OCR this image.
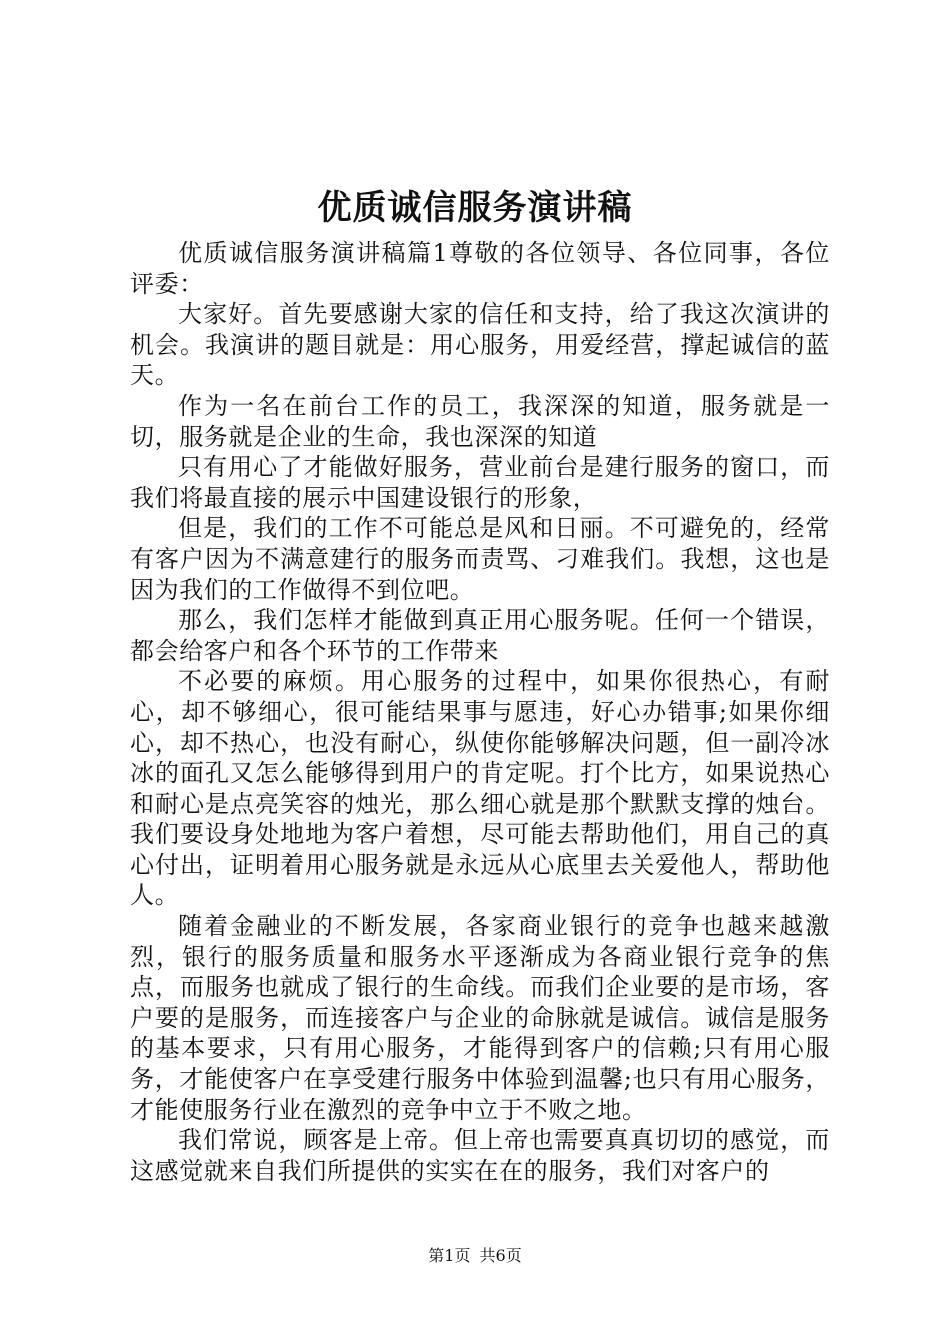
优质诚信服务演讲稿

优质诚信服务演讲稿篇1尊敬的各位领导、各位同事，各位评委：

大家好。首先要感谢大家的信任和支持，给了我这次演讲的机会。我演讲的题目就是：用心服务，用爱经营，撑起诚信的蓝天。

作为一名在前台工作的员工，我深深的知道，服务就是一切，服务就是企业的生命，我也深深的知道

只有用心了才能做好服务，营业前台是建行服务的窗口，而我们将最直接的展示中国建设银行的形象，

但是，我们的工作不可能总是风和日丽。不可避免的，经常有客户因为不满意建行的服务而责骂、刁难我们。我想，这也是因为我们的工作做得不到位吧。

那么，我们怎样才能做到真正用心服务呢。任何一个错误，都会给客户和各个环节的工作带来

不必要的麻烦。用心服务的过程中，如果你很热心，有耐心，却不够细心，很可能结果事与愿违，好心办错事;如果你细心，却不热心，也没有耐心，纵使你能够解决问题，但一副冷冰冰的面孔又怎么能够得到用户的肯定呢。打个比方，如果说热心和耐心是点亮笑容的烛光，那么细心就是那个默默支撑的烛台。我们要设身处地地为客户着想，尽可能去帮助他们，用自己的真心付出，证明着用心服务就是永远从心底里去关爱他人，帮助他人。

随着金融业的不断发展，各家商业银行的竞争也越来越激烈，银行的服务质量和服务水平逐渐成为各商业银行竞争的焦点，而服务也就成了银行的生命线。而我们企业要的是市场，客户要的是服务，而连接客户与企业的命脉就是诚信。诚信是服务的基本要求，只有用心服务，才能得到客户的信赖;只有用心服务，才能使客户在享受建行服务中体验到温馨;也只有用心服务，才能使服务行业在激烈的竞争中立于不败之地。

我们常说，顾客是上帝。但上帝也需要真真切切的感觉，而这感觉就来自我们所提供的实实在在的服务，我们对客户的

第1页 共6页
